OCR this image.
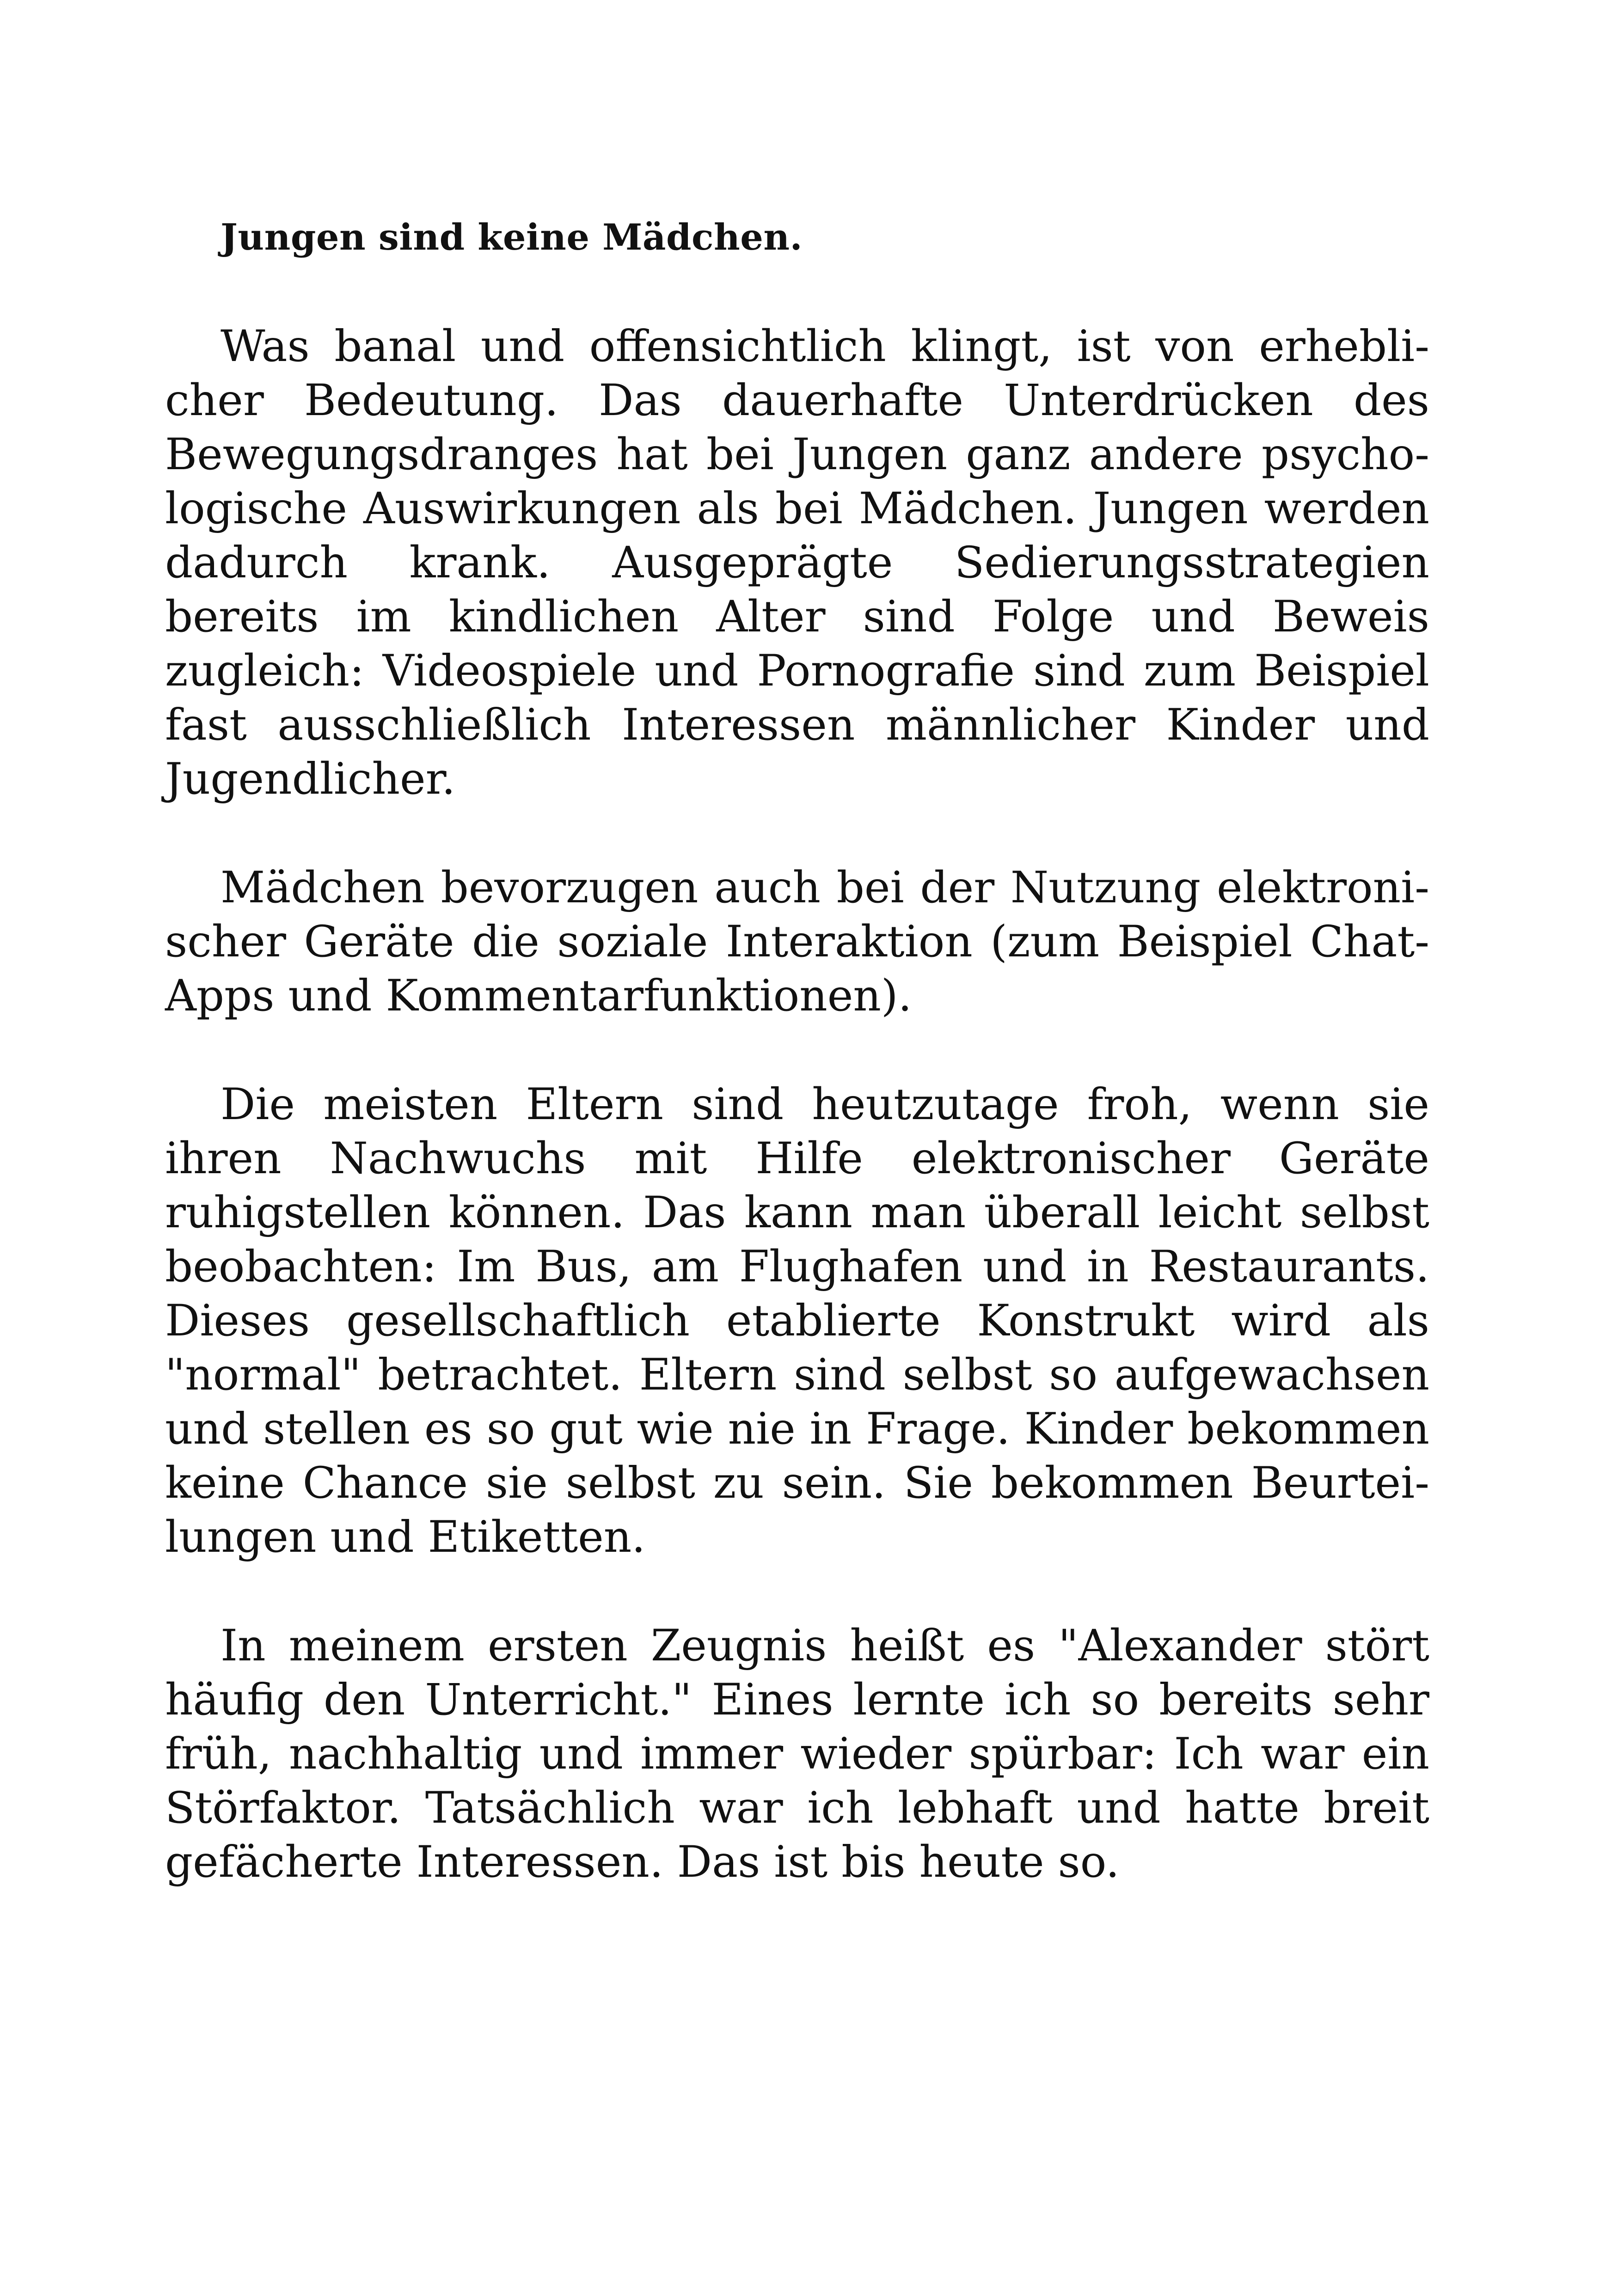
Jungen sind keine Mädchen.

Was banal und offensichtlich klingt, ist von erheblicher Bedeutung. Das dauerhafte Unterdrücken des Bewegungsdranges hat bei Jungen ganz andere psychologische Auswirkungen als bei Mädchen. Jungen werden dadurch krank. Ausgeprägte Sedierungsstrategien bereits im kindlichen Alter sind Folge und Beweis zugleich: Videospiele und Pornografie sind zum Beispiel fast ausschließlich Interessen männlicher Kinder und Jugendlicher.

Mädchen bevorzugen auch bei der Nutzung elektronischer Geräte die soziale Interaktion (zum Beispiel Chat-Apps und Kommentarfunktionen).

Die meisten Eltern sind heutzutage froh, wenn sie ihren Nachwuchs mit Hilfe elektronischer Geräte ruhigstellen können. Das kann man überall leicht selbst beobachten: Im Bus, am Flughafen und in Restaurants. Dieses gesellschaftlich etablierte Konstrukt wird als "normal" betrachtet. Eltern sind selbst so aufgewachsen und stellen es so gut wie nie in Frage. Kinder bekommen keine Chance sie selbst zu sein. Sie bekommen Beurteilungen und Etiketten.

In meinem ersten Zeugnis heißt es "Alexander stört häufig den Unterricht." Eines lernte ich so bereits sehr früh, nachhaltig und immer wieder spürbar: Ich war ein Störfaktor. Tatsächlich war ich lebhaft und hatte breit gefächerte Interessen. Das ist bis heute so.
